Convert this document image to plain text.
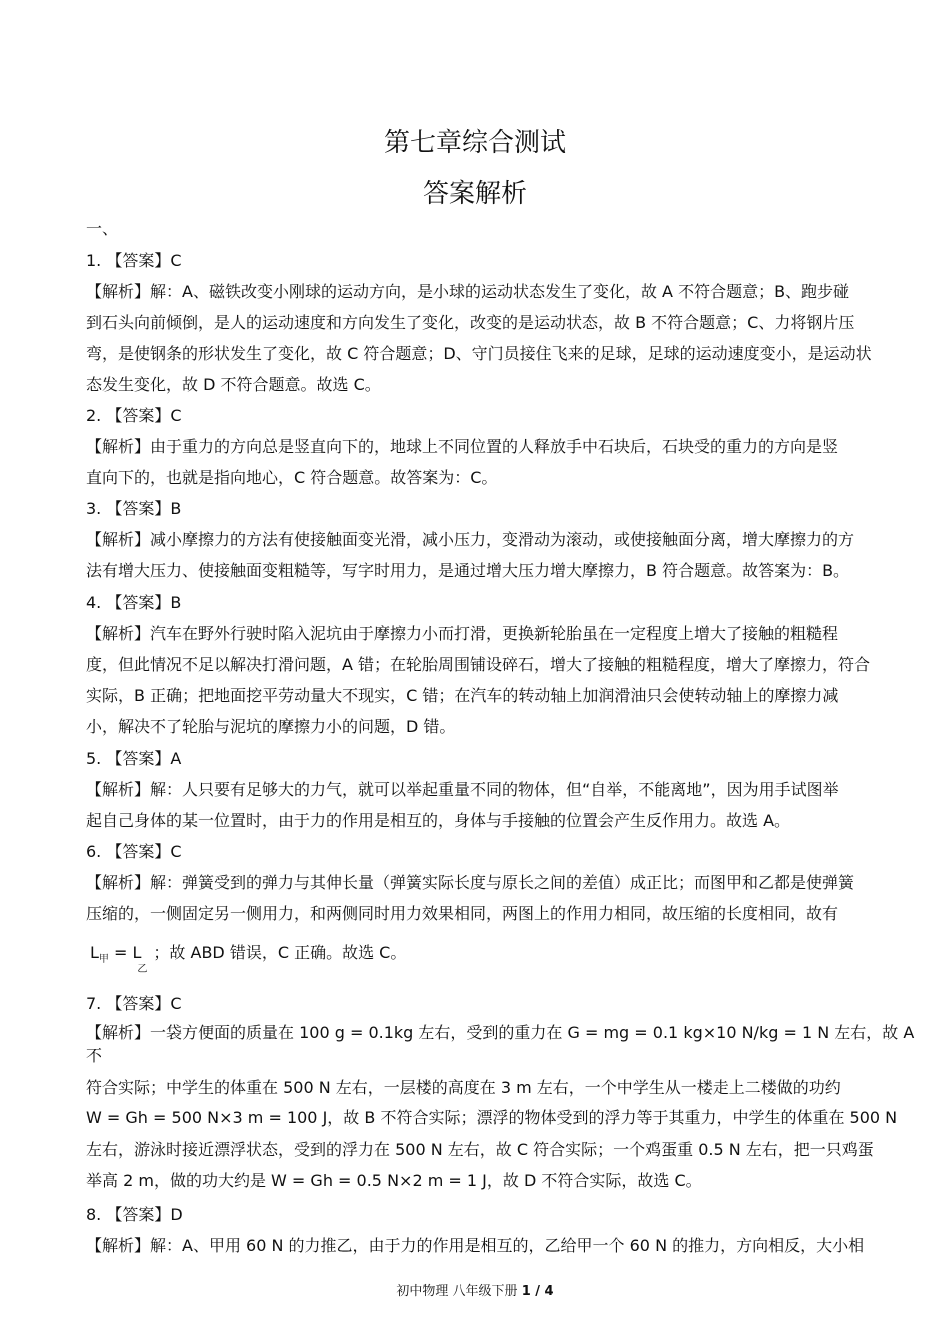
第七章综合测试
答案解析
一、
1. 【答案】C
【解析】解：A、磁铁改变小刚球的运动方向，是小球的运动状态发生了变化，故 A 不符合题意；B、跑步碰
到石头向前倾倒，是人的运动速度和方向发生了变化，改变的是运动状态，故 B 不符合题意；C、力将钢片压
弯，是使钢条的形状发生了变化，故 C 符合题意；D、守门员接住飞来的足球，足球的运动速度变小，是运动状
态发生变化，故 D 不符合题意。故选 C。
2. 【答案】C
【解析】由于重力的方向总是竖直向下的，地球上不同位置的人释放手中石块后，石块受的重力的方向是竖
直向下的，也就是指向地心，C 符合题意。故答案为：C。
3. 【答案】B
【解析】减小摩擦力的方法有使接触面变光滑，减小压力，变滑动为滚动，或使接触面分离，增大摩擦力的方
法有增大压力、使接触面变粗糙等，写字时用力，是通过增大压力增大摩擦力，B 符合题意。故答案为：B。
4. 【答案】B
【解析】汽车在野外行驶时陷入泥坑由于摩擦力小而打滑，更换新轮胎虽在一定程度上增大了接触的粗糙程
度，但此情况不足以解决打滑问题，A 错；在轮胎周围铺设碎石，增大了接触的粗糙程度，增大了摩擦力，符合
实际，B 正确；把地面挖平劳动量大不现实，C 错；在汽车的转动轴上加润滑油只会使转动轴上的摩擦力减
小，解决不了轮胎与泥坑的摩擦力小的问题，D 错。
5. 【答案】A
【解析】解：人只要有足够大的力气，就可以举起重量不同的物体，但“自举，不能离地”，因为用手试图举
起自己身体的某一位置时，由于力的作用是相互的，身体与手接触的位置会产生反作用力。故选 A。
6. 【答案】C
【解析】解：弹簧受到的弹力与其伸长量（弹簧实际长度与原长之间的差值）成正比；而图甲和乙都是使弹簧
压缩的，一侧固定另一侧用力，和两侧同时用力效果相同，两图上的作用力相同，故压缩的长度相同，故有
$L_甲 = L_乙$；故 ABD 错误，C 正确。故选 C。
7. 【答案】C
【解析】一袋方便面的质量在 100 g = 0.1kg 左右，受到的重力在 G = mg = 0.1 kg⨯10 N/kg = 1 N 左右，故 A
不
符合实际；中学生的体重在 500 N 左右，一层楼的高度在 3 m 左右，一个中学生从一楼走上二楼做的功约
W = Gh = 500 N⨯3 m = 100 J，故 B 不符合实际；漂浮的物体受到的浮力等于其重力，中学生的体重在 500 N
左右，游泳时接近漂浮状态，受到的浮力在 500 N 左右，故 C 符合实际；一个鸡蛋重 0.5 N 左右，把一只鸡蛋
举高 2 m，做的功大约是 W = Gh = 0.5 N⨯2 m = 1 J，故 D 不符合实际，故选 C。
8. 【答案】D
【解析】解：A、甲用 60 N 的力推乙，由于力的作用是相互的，乙给甲一个 60 N 的推力，方向相反，大小相
初中物理 八年级下册 1 / 4
